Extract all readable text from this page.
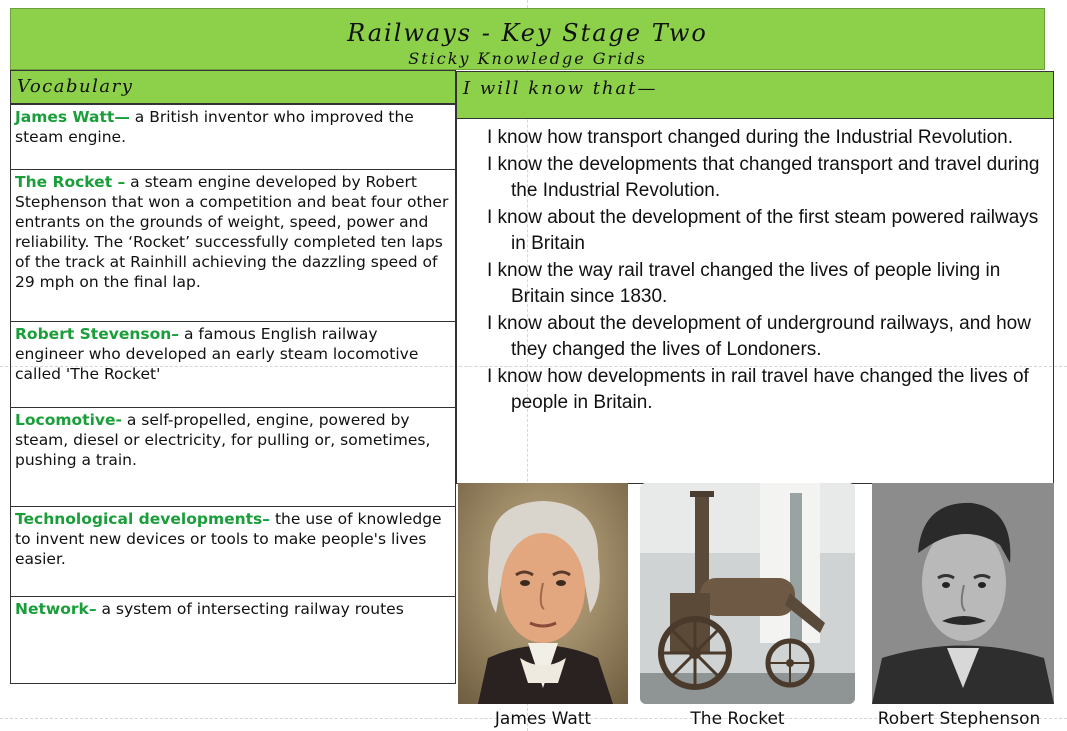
Railways - Key Stage Two
Sticky Knowledge Grids
Vocabulary	I will know that—
James Watt— a British inventor who improved the steam engine.
The Rocket – a steam engine developed by Robert Stephenson that won a competition and beat four other entrants on the grounds of weight, speed, power and reliability. The ‘Rocket’ successfully completed ten laps of the track at Rainhill achieving the dazzling speed of 29 mph on the final lap.
Robert Stevenson– a famous English railway engineer who developed an early steam locomotive called 'The Rocket'
Locomotive- a self-propelled, engine, powered by steam, diesel or electricity, for pulling or, sometimes, pushing a train.
Technological developments– the use of knowledge to invent new devices or tools to make people's lives easier.
Network– a system of intersecting railway routes
I know how transport changed during the Industrial Revolution.
I know the developments that changed transport and travel during the Industrial Revolution.
I know about the development of the first steam powered railways in Britain
I know the way rail travel changed the lives of people living in Britain since 1830.
I know about the development of underground railways, and how they changed the lives of Londoners.
I know how developments in rail travel have changed the lives of people in Britain.
James Watt	The Rocket	Robert Stephenson
